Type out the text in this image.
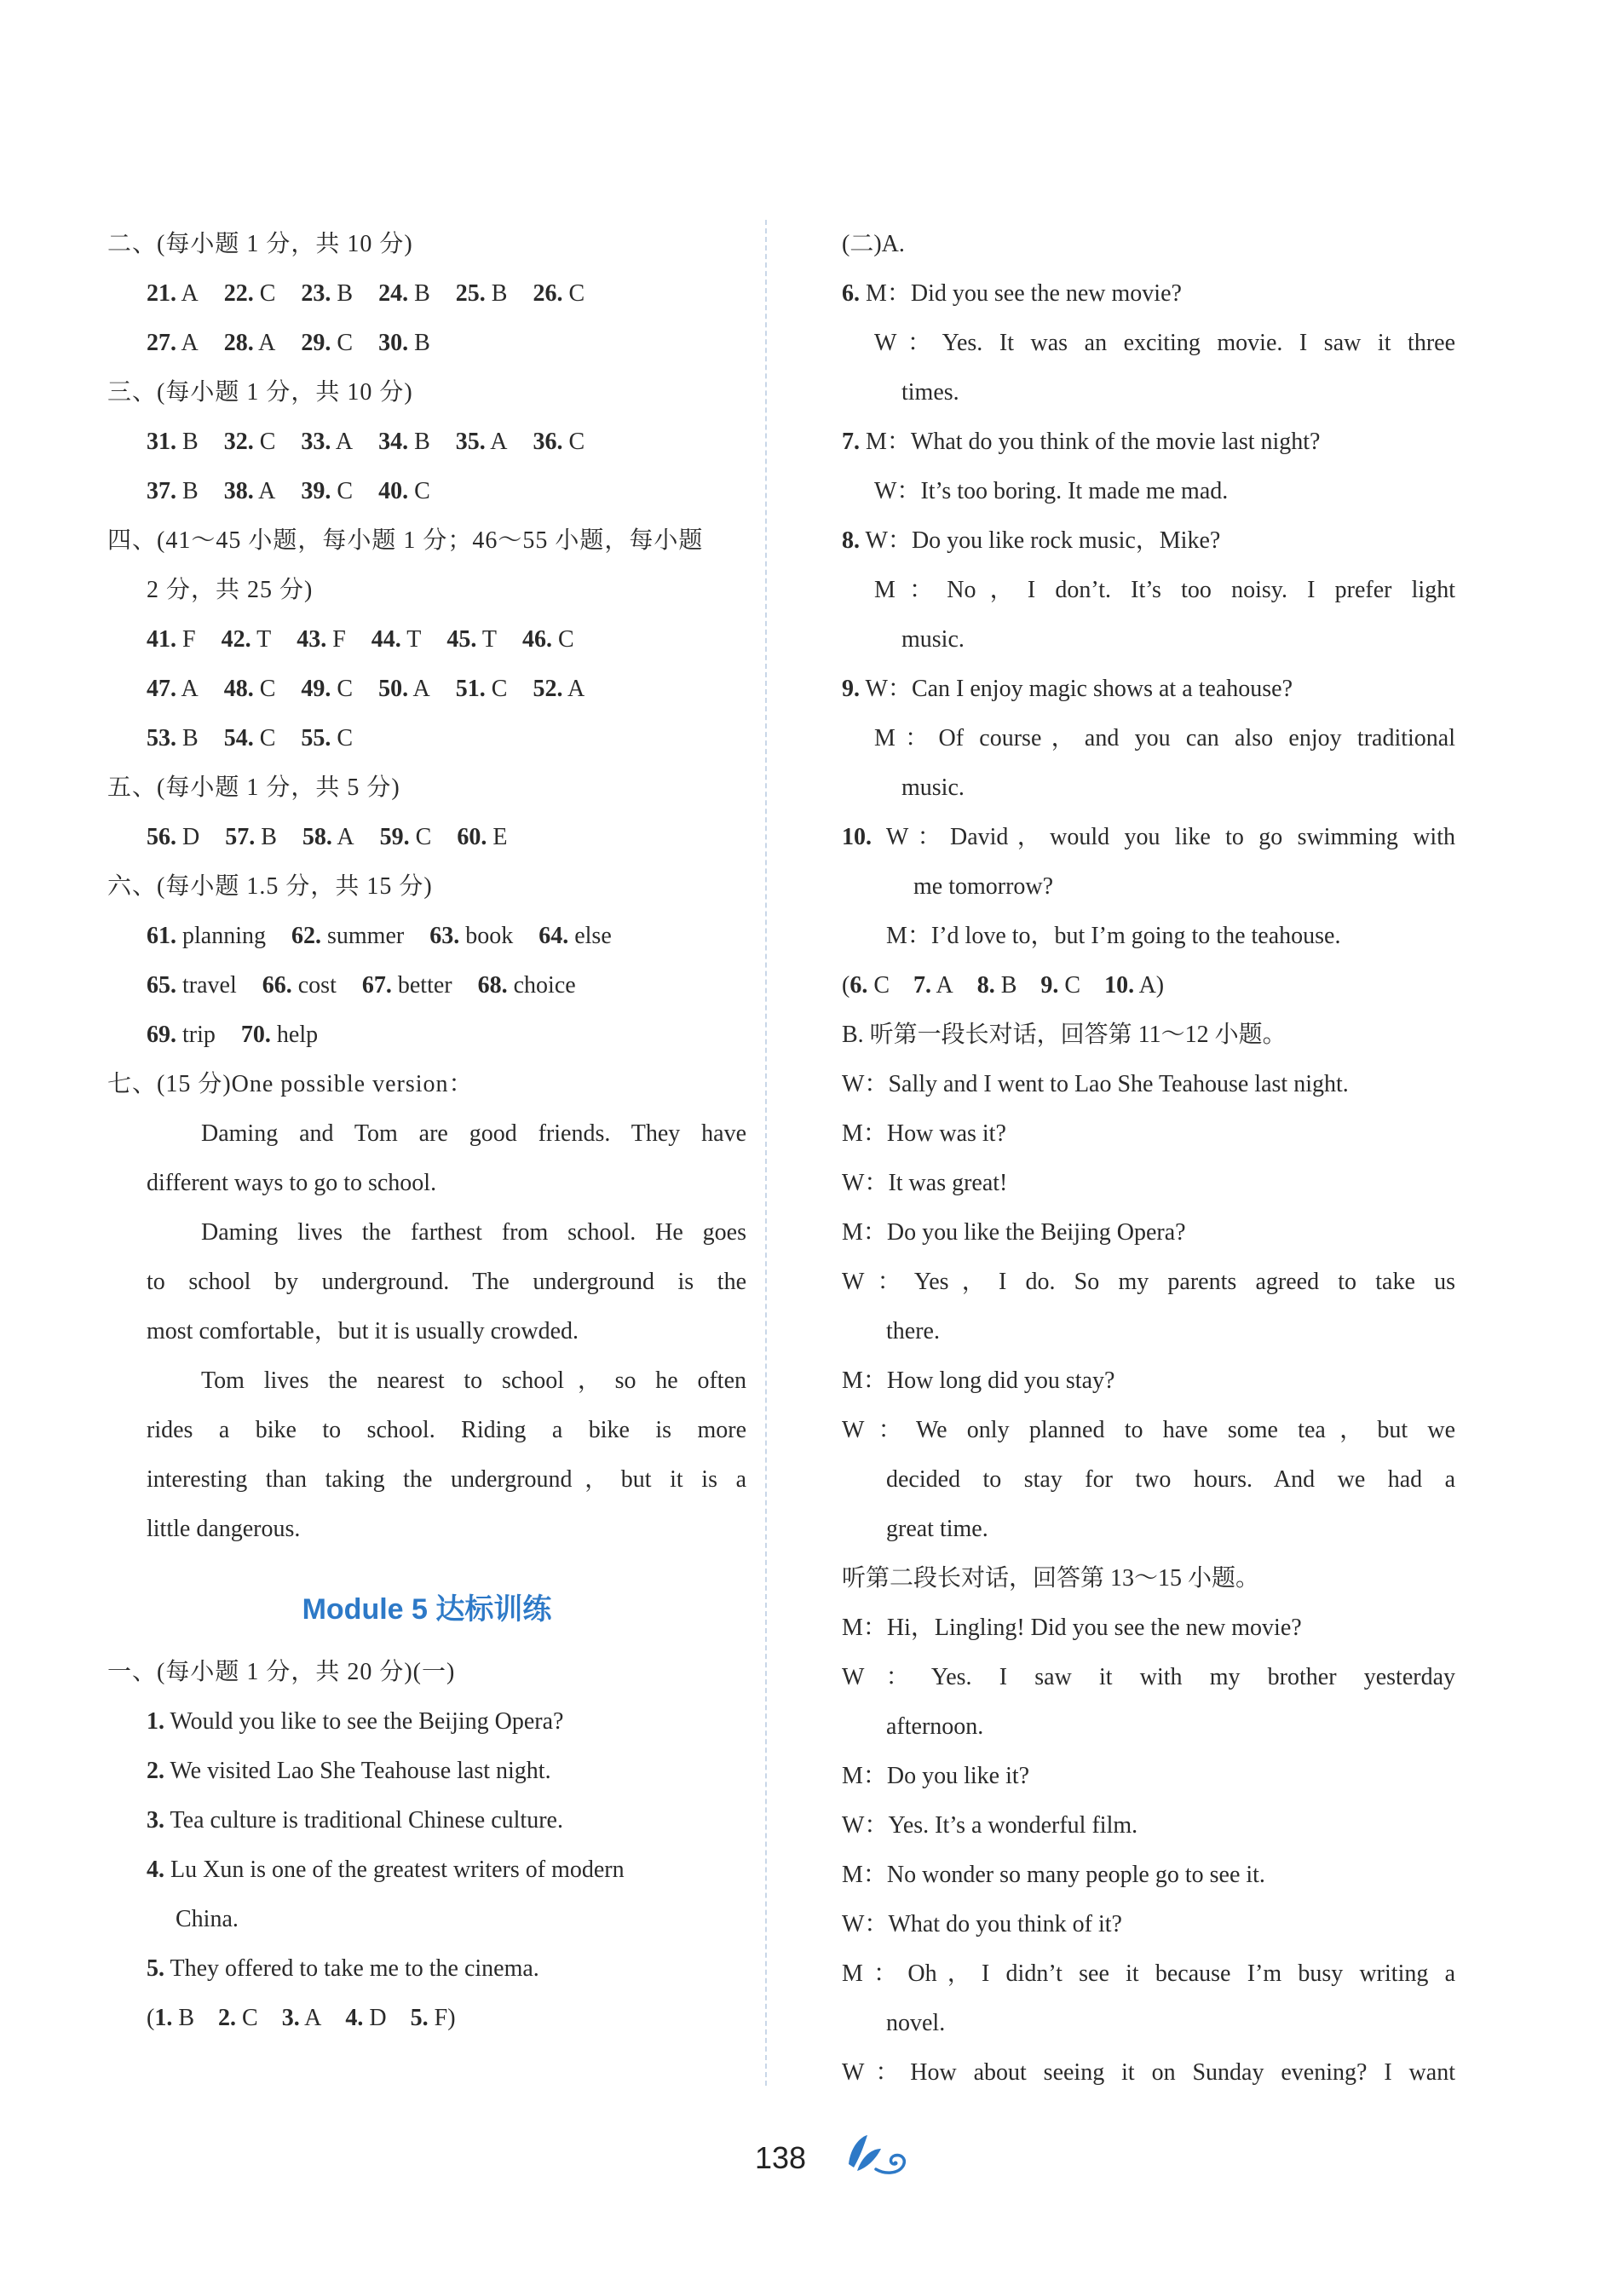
二、(每小题 1 分，共 10 分)
21. A 22. C 23. B 24. B 25. B 26. C
27. A 28. A 29. C 30. B
三、(每小题 1 分，共 10 分)
31. B 32. C 33. A 34. B 35. A 36. C
37. B 38. A 39. C 40. C
四、(41～45 小题，每小题 1 分；46～55 小题，每小题
2 分，共 25 分)
41. F 42. T 43. F 44. T 45. T 46. C
47. A 48. C 49. C 50. A 51. C 52. A
53. B 54. C 55. C
五、(每小题 1 分，共 5 分)
56. D 57. B 58. A 59. C 60. E
六、(每小题 1.5 分，共 15 分)
61. planning 62. summer 63. book 64. else
65. travel 66. cost 67. better 68. choice
69. trip 70. help
七、(15 分)One possible version：
Daming and Tom are good friends. They have
different ways to go to school.
Daming lives the farthest from school. He goes
to school by underground. The underground is the
most comfortable，but it is usually crowded.
Tom lives the nearest to school，so he often
rides a bike to school. Riding a bike is more
interesting than taking the underground，but it is a
little dangerous.
Module 5 达标训练
一、(每小题 1 分，共 20 分)(一)
1. Would you like to see the Beijing Opera?
2. We visited Lao She Teahouse last night.
3. Tea culture is traditional Chinese culture.
4. Lu Xun is one of the greatest writers of modern
China.
5. They offered to take me to the cinema.
(1. B  2. C  3. A  4. D  5. F)
(二)A.
6. M：Did you see the new movie?
W：Yes. It was an exciting movie. I saw it three
times.
7. M：What do you think of the movie last night?
W：It’s too boring. It made me mad.
8. W：Do you like rock music，Mike?
M：No，I don’t. It’s too noisy. I prefer light
music.
9. W：Can I enjoy magic shows at a teahouse?
M：Of course，and you can also enjoy traditional
music.
10. W：David，would you like to go swimming with
me tomorrow?
M：I’d love to，but I’m going to the teahouse.
(6. C  7. A  8. B  9. C  10. A)
B. 听第一段长对话，回答第 11～12 小题。
W：Sally and I went to Lao She Teahouse last night.
M：How was it?
W：It was great!
M：Do you like the Beijing Opera?
W：Yes，I do. So my parents agreed to take us
there.
M：How long did you stay?
W：We only planned to have some tea，but we
decided to stay for two hours. And we had a
great time.
听第二段长对话，回答第 13～15 小题。
M：Hi，Lingling! Did you see the new movie?
W：Yes. I saw it with my brother yesterday
afternoon.
M：Do you like it?
W：Yes. It’s a wonderful film.
M：No wonder so many people go to see it.
W：What do you think of it?
M：Oh，I didn’t see it because I’m busy writing a
novel.
W：How about seeing it on Sunday evening? I want
138
